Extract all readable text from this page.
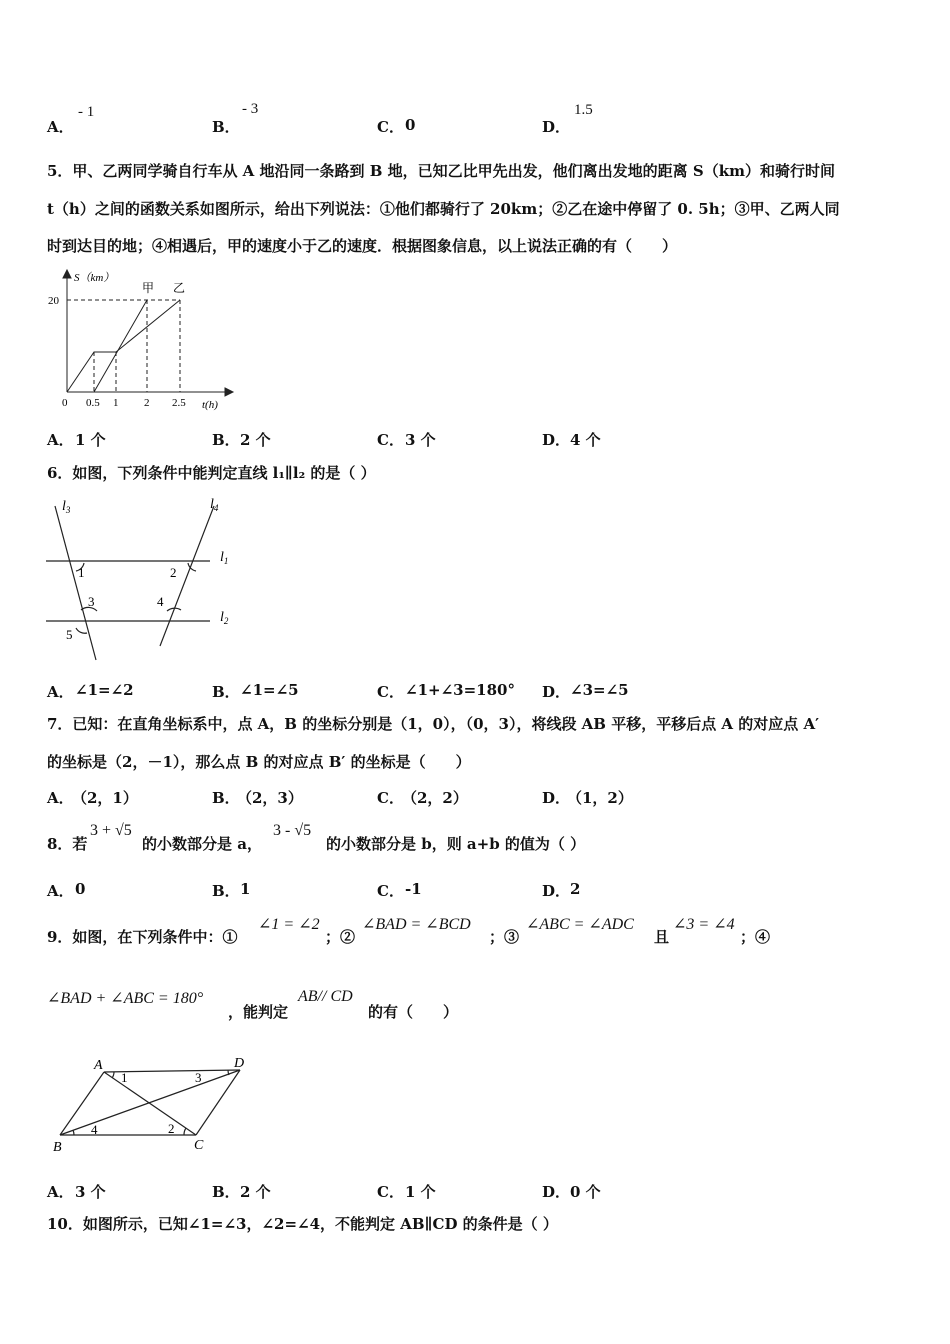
A．
- 1
B．
- 3
C． 0	D．
1.5
5．甲、乙两同学骑自行车从 A 地沿同一条路到 B 地，已知乙比甲先出发，他们离出发地的距离 S（km）和骑行时间
t（h）之间的函数关系如图所示，给出下列说法：①他们都骑行了 20km；②乙在途中停留了 0. 5h；③甲、乙两人同
时到达目的地；④相遇后，甲的速度小于乙的速度．根据图象信息，以上说法正确的有（　　）
S（km）
20
甲 乙
0 0.5 1 2 2.5 t(h)
A． 1 个	B． 2 个	C． 3 个	D． 4 个
6．如图，下列条件中能判定直线 l₁∥l₂ 的是（ ）
$l_3$	$l_4$
$l_1$
$l_2$
1	2
3	4
5
A． ∠1=∠2	B． ∠1=∠5	C． ∠1+∠3=180° D． ∠3=∠5
7．已知：在直角坐标系中，点 A，B 的坐标分别是（1，0），（0，3），将线段 AB 平移，平移后点 A 的对应点 A′
的坐标是（2，－1），那么点 B 的对应点 B′ 的坐标是（　　）
A．
（2，1）	B．
（2，3）	C．
（2，2）	D．
（1，2）
8．若
3 + √5
的小数部分是 a，
3 - √5
的小数部分是 b，则 a+b 的值为（ ）
A． 0	B． 1	C． -1	D． 2
9．如图，在下列条件中：①
∠1 = ∠2
；②
∠BAD = ∠BCD
；③
∠ABC = ∠ADC
且
∠3 = ∠4
；④
∠BAD + ∠ABC = 180°
，能判定
AB// CD
的有（　　）
A	D
B	C
1
2
3
4
A． 3 个	B． 2 个	C． 1 个	D． 0 个
10．如图所示，已知∠1=∠3，∠2=∠4，不能判定 AB∥CD 的条件是（ ）
